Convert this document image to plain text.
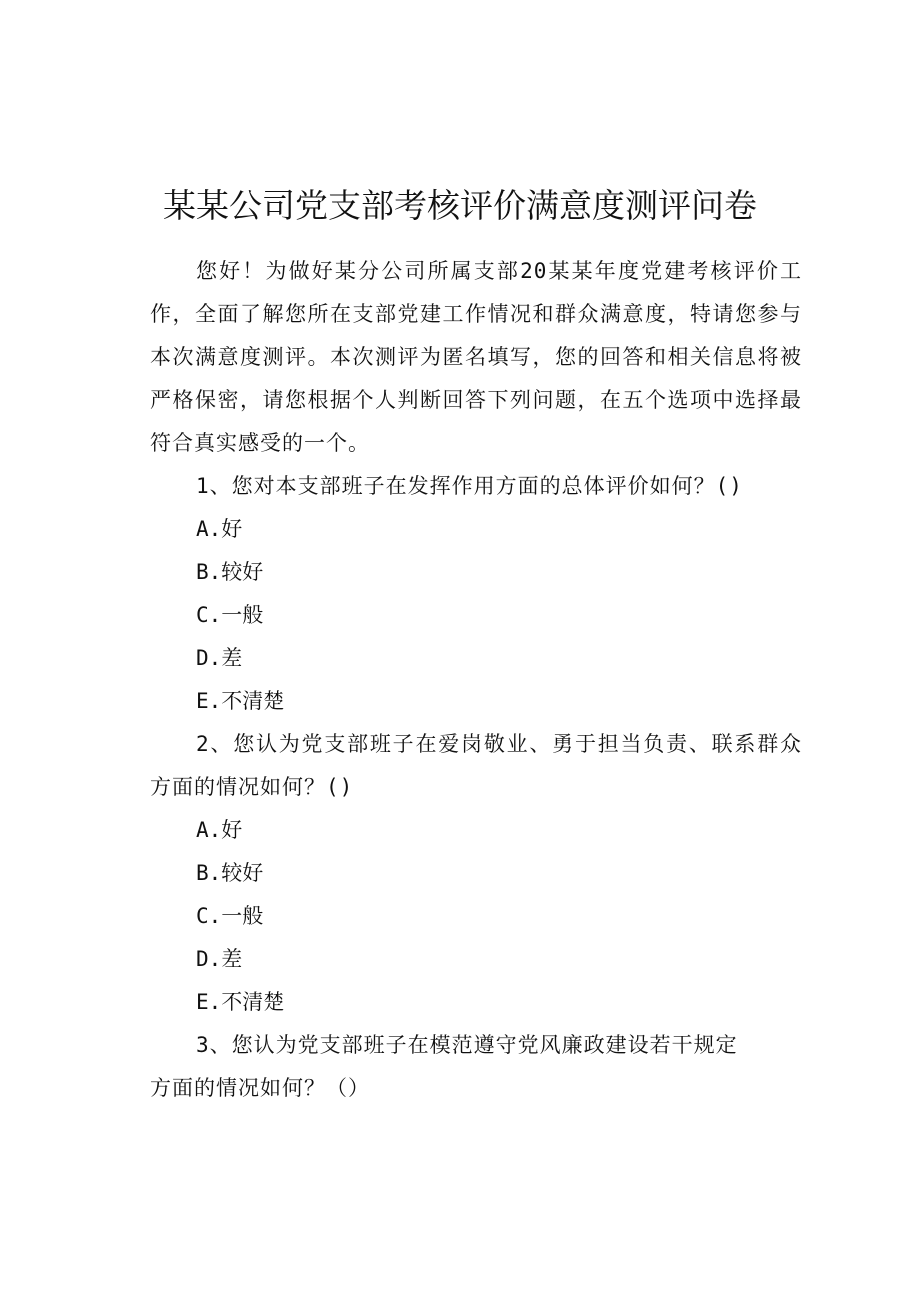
某某公司党支部考核评价满意度测评问卷

您好！为做好某分公司所属支部20某某年度党建考核评价工作，全面了解您所在支部党建工作情况和群众满意度，特请您参与本次满意度测评。本次测评为匿名填写，您的回答和相关信息将被严格保密，请您根据个人判断回答下列问题，在五个选项中选择最符合真实感受的一个。

1、您对本支部班子在发挥作用方面的总体评价如何？()

A.好
B.较好
C.一般
D.差
E.不清楚

2、您认为党支部班子在爱岗敬业、勇于担当负责、联系群众方面的情况如何？()

A.好
B.较好
C.一般
D.差
E.不清楚

3、您认为党支部班子在模范遵守党风廉政建设若干规定

方面的情况如何？（）
